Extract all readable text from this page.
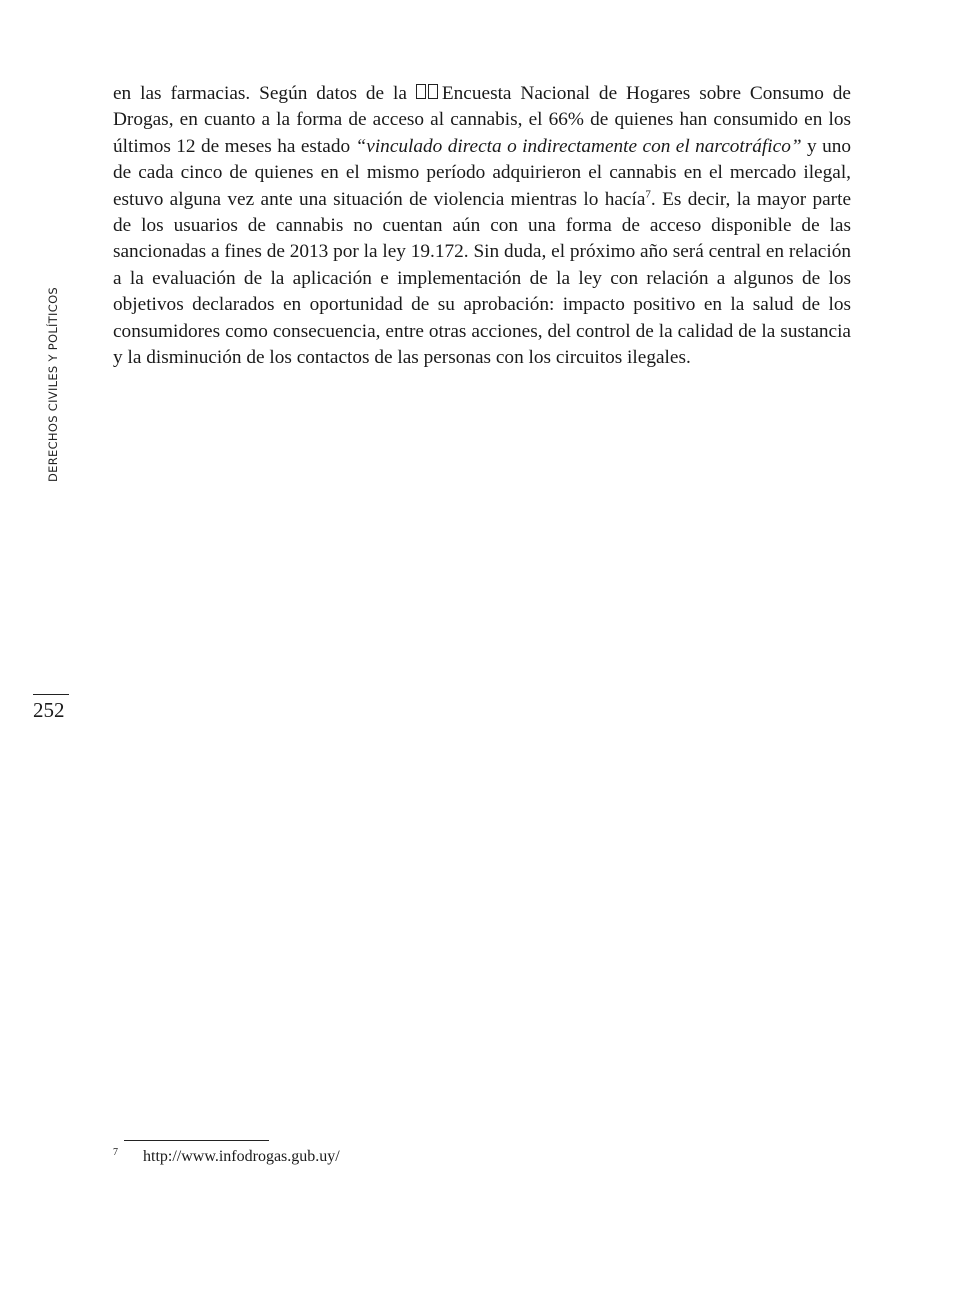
DERECHOS CIVILES Y POLÍTICOS
252

en las farmacias. Según datos de la
Encuesta Nacional de Hogares sobre Consumo de Drogas, en cuanto a la forma de acceso al cannabis, el 66% de quienes han consumido en los últimos 12 de meses ha estado “vinculado directa o indirectamente con el narcotráfico” y uno de cada cinco de quienes en el mismo período adquirieron el cannabis en el mercado ilegal, estuvo alguna vez ante una situación de violencia mientras lo hacía$^7$. Es decir, la mayor parte de los usuarios de cannabis no cuentan aún con una forma de acceso disponible de las sancionadas a fines de 2013 por la ley 19.172. Sin duda, el próximo año será central en relación a la evaluación de la aplicación e implementación de la ley con relación a algunos de los objetivos declarados en oportunidad de su aprobación: impacto positivo en la salud de los consumidores como consecuencia, entre otras acciones, del control de la calidad de la sustancia y la disminución de los contactos de las personas con los circuitos ilegales.

7 http://www.infodrogas.gub.uy/
